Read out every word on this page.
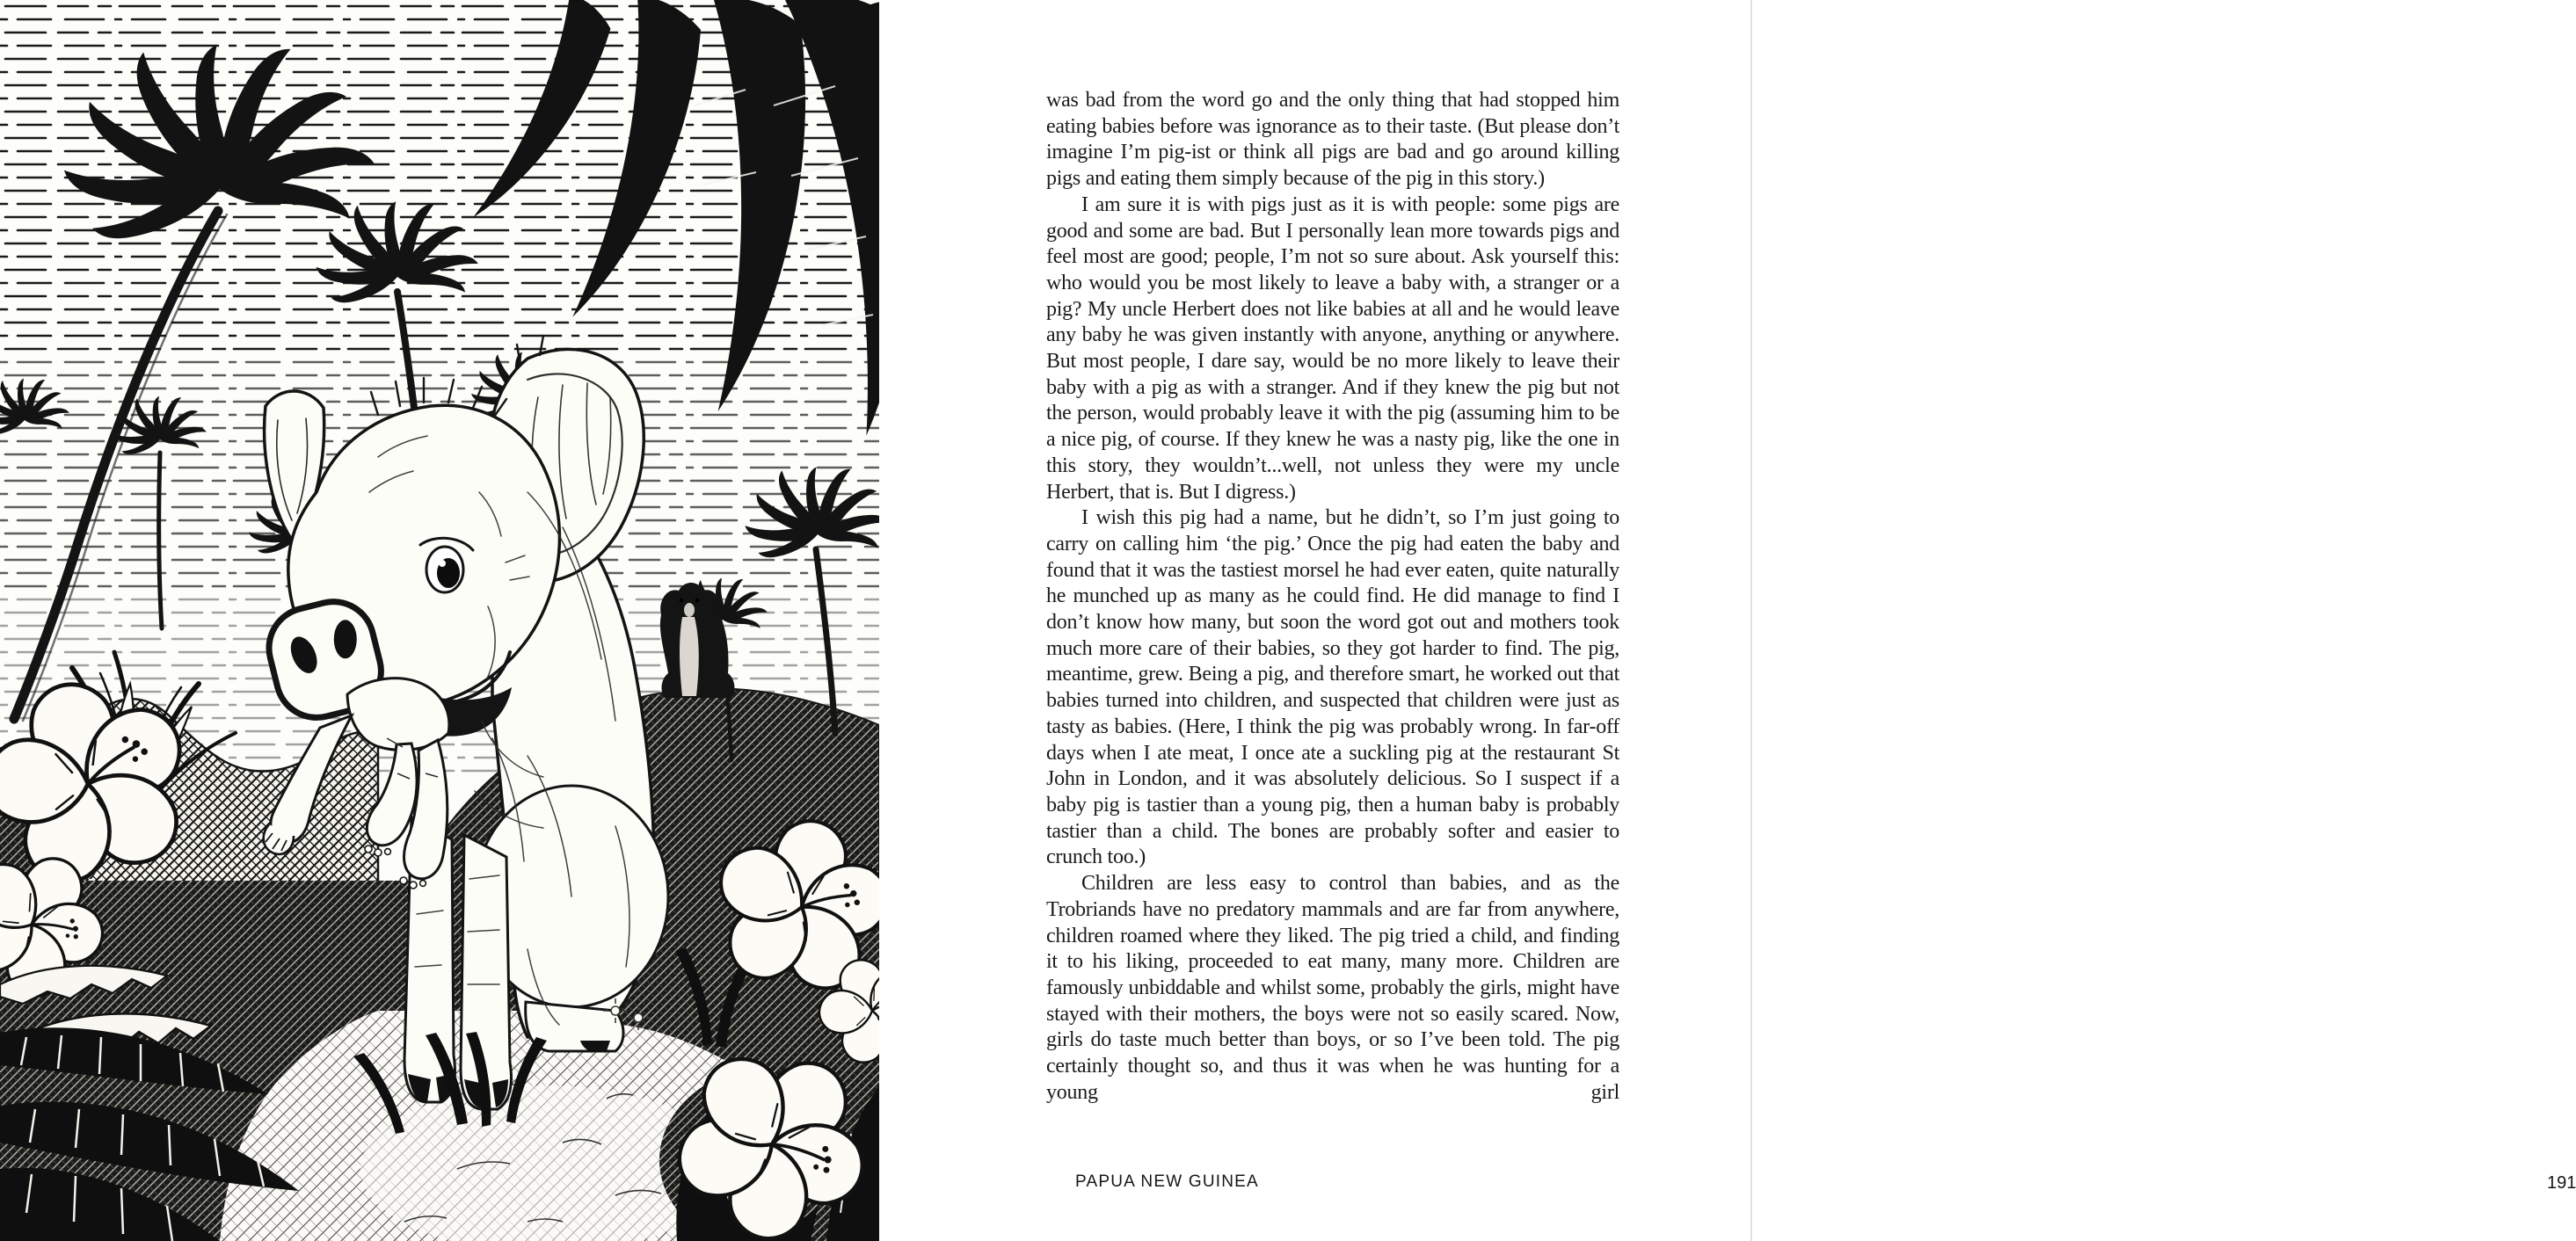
was bad from the word go and the only thing that had stopped him eating babies before was ignorance as to their taste. (But please don’t imagine I’m pig-ist or think all pigs are bad and go around killing pigs and eating them simply because of the pig in this story.)

I am sure it is with pigs just as it is with people: some pigs are good and some are bad. But I personally lean more towards pigs and feel most are good; people, I’m not so sure about. Ask yourself this: who would you be most likely to leave a baby with, a stranger or a pig? My uncle Herbert does not like babies at all and he would leave any baby he was given instantly with anyone, anything or anywhere. But most people, I dare say, would be no more likely to leave their baby with a pig as with a stranger. And if they knew the pig but not the person, would probably leave it with the pig (assuming him to be a nice pig, of course. If they knew he was a nasty pig, like the one in this story, they wouldn’t...well, not unless they were my uncle Herbert, that is. But I digress.)

I wish this pig had a name, but he didn’t, so I’m just going to carry on calling him ‘the pig.’ Once the pig had eaten the baby and found that it was the tastiest morsel he had ever eaten, quite naturally he munched up as many as he could find. He did manage to find I don’t know how many, but soon the word got out and mothers took much more care of their babies, so they got harder to find. The pig, meantime, grew. Being a pig, and therefore smart, he worked out that babies turned into children, and suspected that children were just as tasty as babies. (Here, I think the pig was probably wrong. In far-off days when I ate meat, I once ate a suckling pig at the restaurant St John in London, and it was absolutely delicious. So I suspect if a baby pig is tastier than a young pig, then a human baby is probably tastier than a child. The bones are probably softer and easier to crunch too.)

Children are less easy to control than babies, and as the Trobriands have no predatory mammals and are far from anywhere, children roamed where they liked. The pig tried a child, and finding it to his liking, proceeded to eat many, many more. Children are famously unbiddable and whilst some, probably the girls, might have stayed with their mothers, the boys were not so easily scared. Now, girls do taste much better than boys, or so I’ve been told. The pig certainly thought so, and thus it was when he was hunting for a young girl

PAPUA NEW GUINEA	191
